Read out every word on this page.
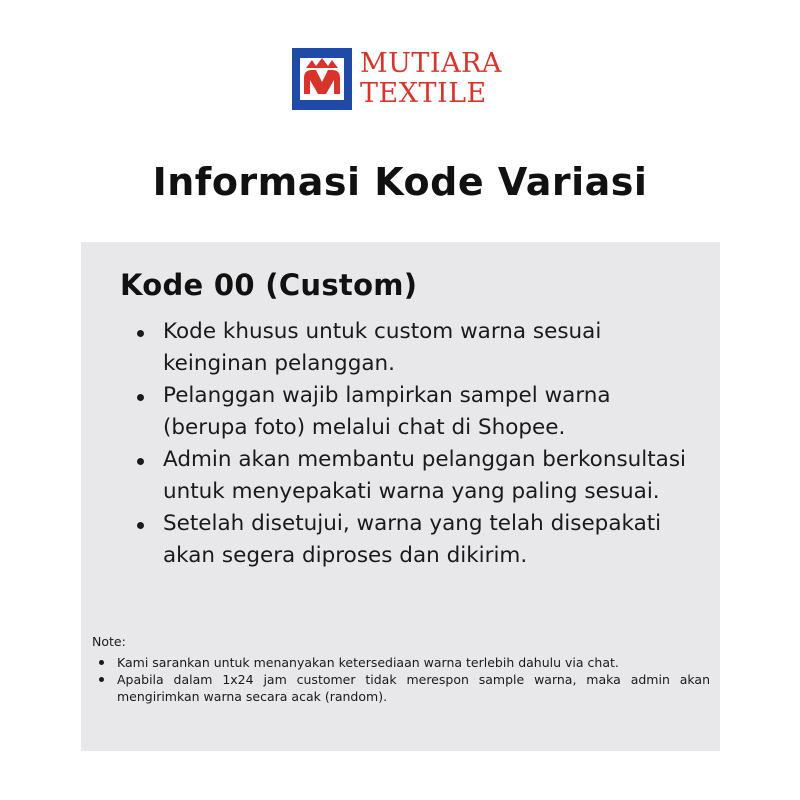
MUTIARA
TEXTILE
Informasi Kode Variasi
Kode 00 (Custom)
Kode khusus untuk custom warna sesuai keinginan pelanggan.
Pelanggan wajib lampirkan sampel warna (berupa foto) melalui chat di Shopee.
Admin akan membantu pelanggan berkonsultasi untuk menyepakati warna yang paling sesuai.
Setelah disetujui, warna yang telah disepakati akan segera diproses dan dikirim.
Note:
Kami sarankan untuk menanyakan ketersediaan warna terlebih dahulu via chat.
Apabila dalam 1x24 jam customer tidak merespon sample warna, maka admin akan mengirimkan warna secara acak (random).
